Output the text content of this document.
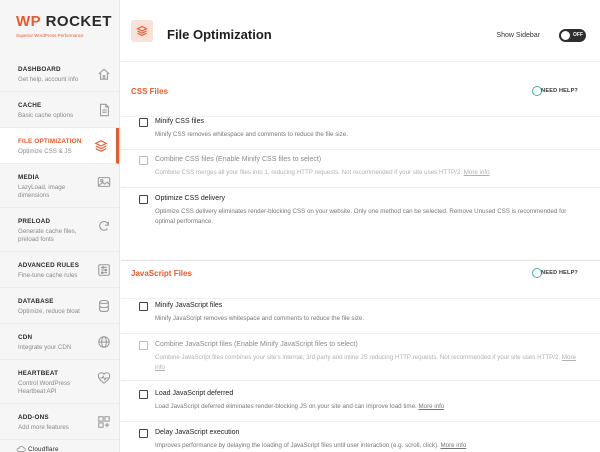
WP ROCKET
Superior WordPress Performance
DASHBOARD
Get help, account info
CACHE
Basic cache options
FILE OPTIMIZATION
Optimize CSS & JS
MEDIA
LazyLoad, image dimensions
PRELOAD
Generate cache files, preload fonts
ADVANCED RULES
Fine-tune cache rules
DATABASE
Optimize, reduce bloat
CDN
Integrate your CDN
HEARTBEAT
Control WordPress Heartbeat API
ADD-ONS
Add more features
Cloudflare
File Optimization	Show Sidebar	OFF
CSS Files	NEED HELP?
Minify CSS files
Minify CSS removes whitespace and comments to reduce the file size.
Combine CSS files (Enable Minify CSS files to select)
Combine CSS merges all your files into 1, reducing HTTP requests. Not recommended if your site uses HTTP/2. More info
Optimize CSS delivery
Optimize CSS delivery eliminates render-blocking CSS on your website. Only one method can be selected. Remove Unused CSS is recommended for optimal performance.
JavaScript Files	NEED HELP?
Minify JavaScript files
Minify JavaScript removes whitespace and comments to reduce the file size.
Combine JavaScript files (Enable Minify JavaScript files to select)
Combine JavaScript files combines your site's internal, 3rd party and inline JS reducing HTTP requests. Not recommended if your site uses HTTP/2. More info
Load JavaScript deferred
Load JavaScript deferred eliminates render-blocking JS on your site and can improve load time. More info
Delay JavaScript execution
Improves performance by delaying the loading of JavaScript files until user interaction (e.g. scroll, click). More info
